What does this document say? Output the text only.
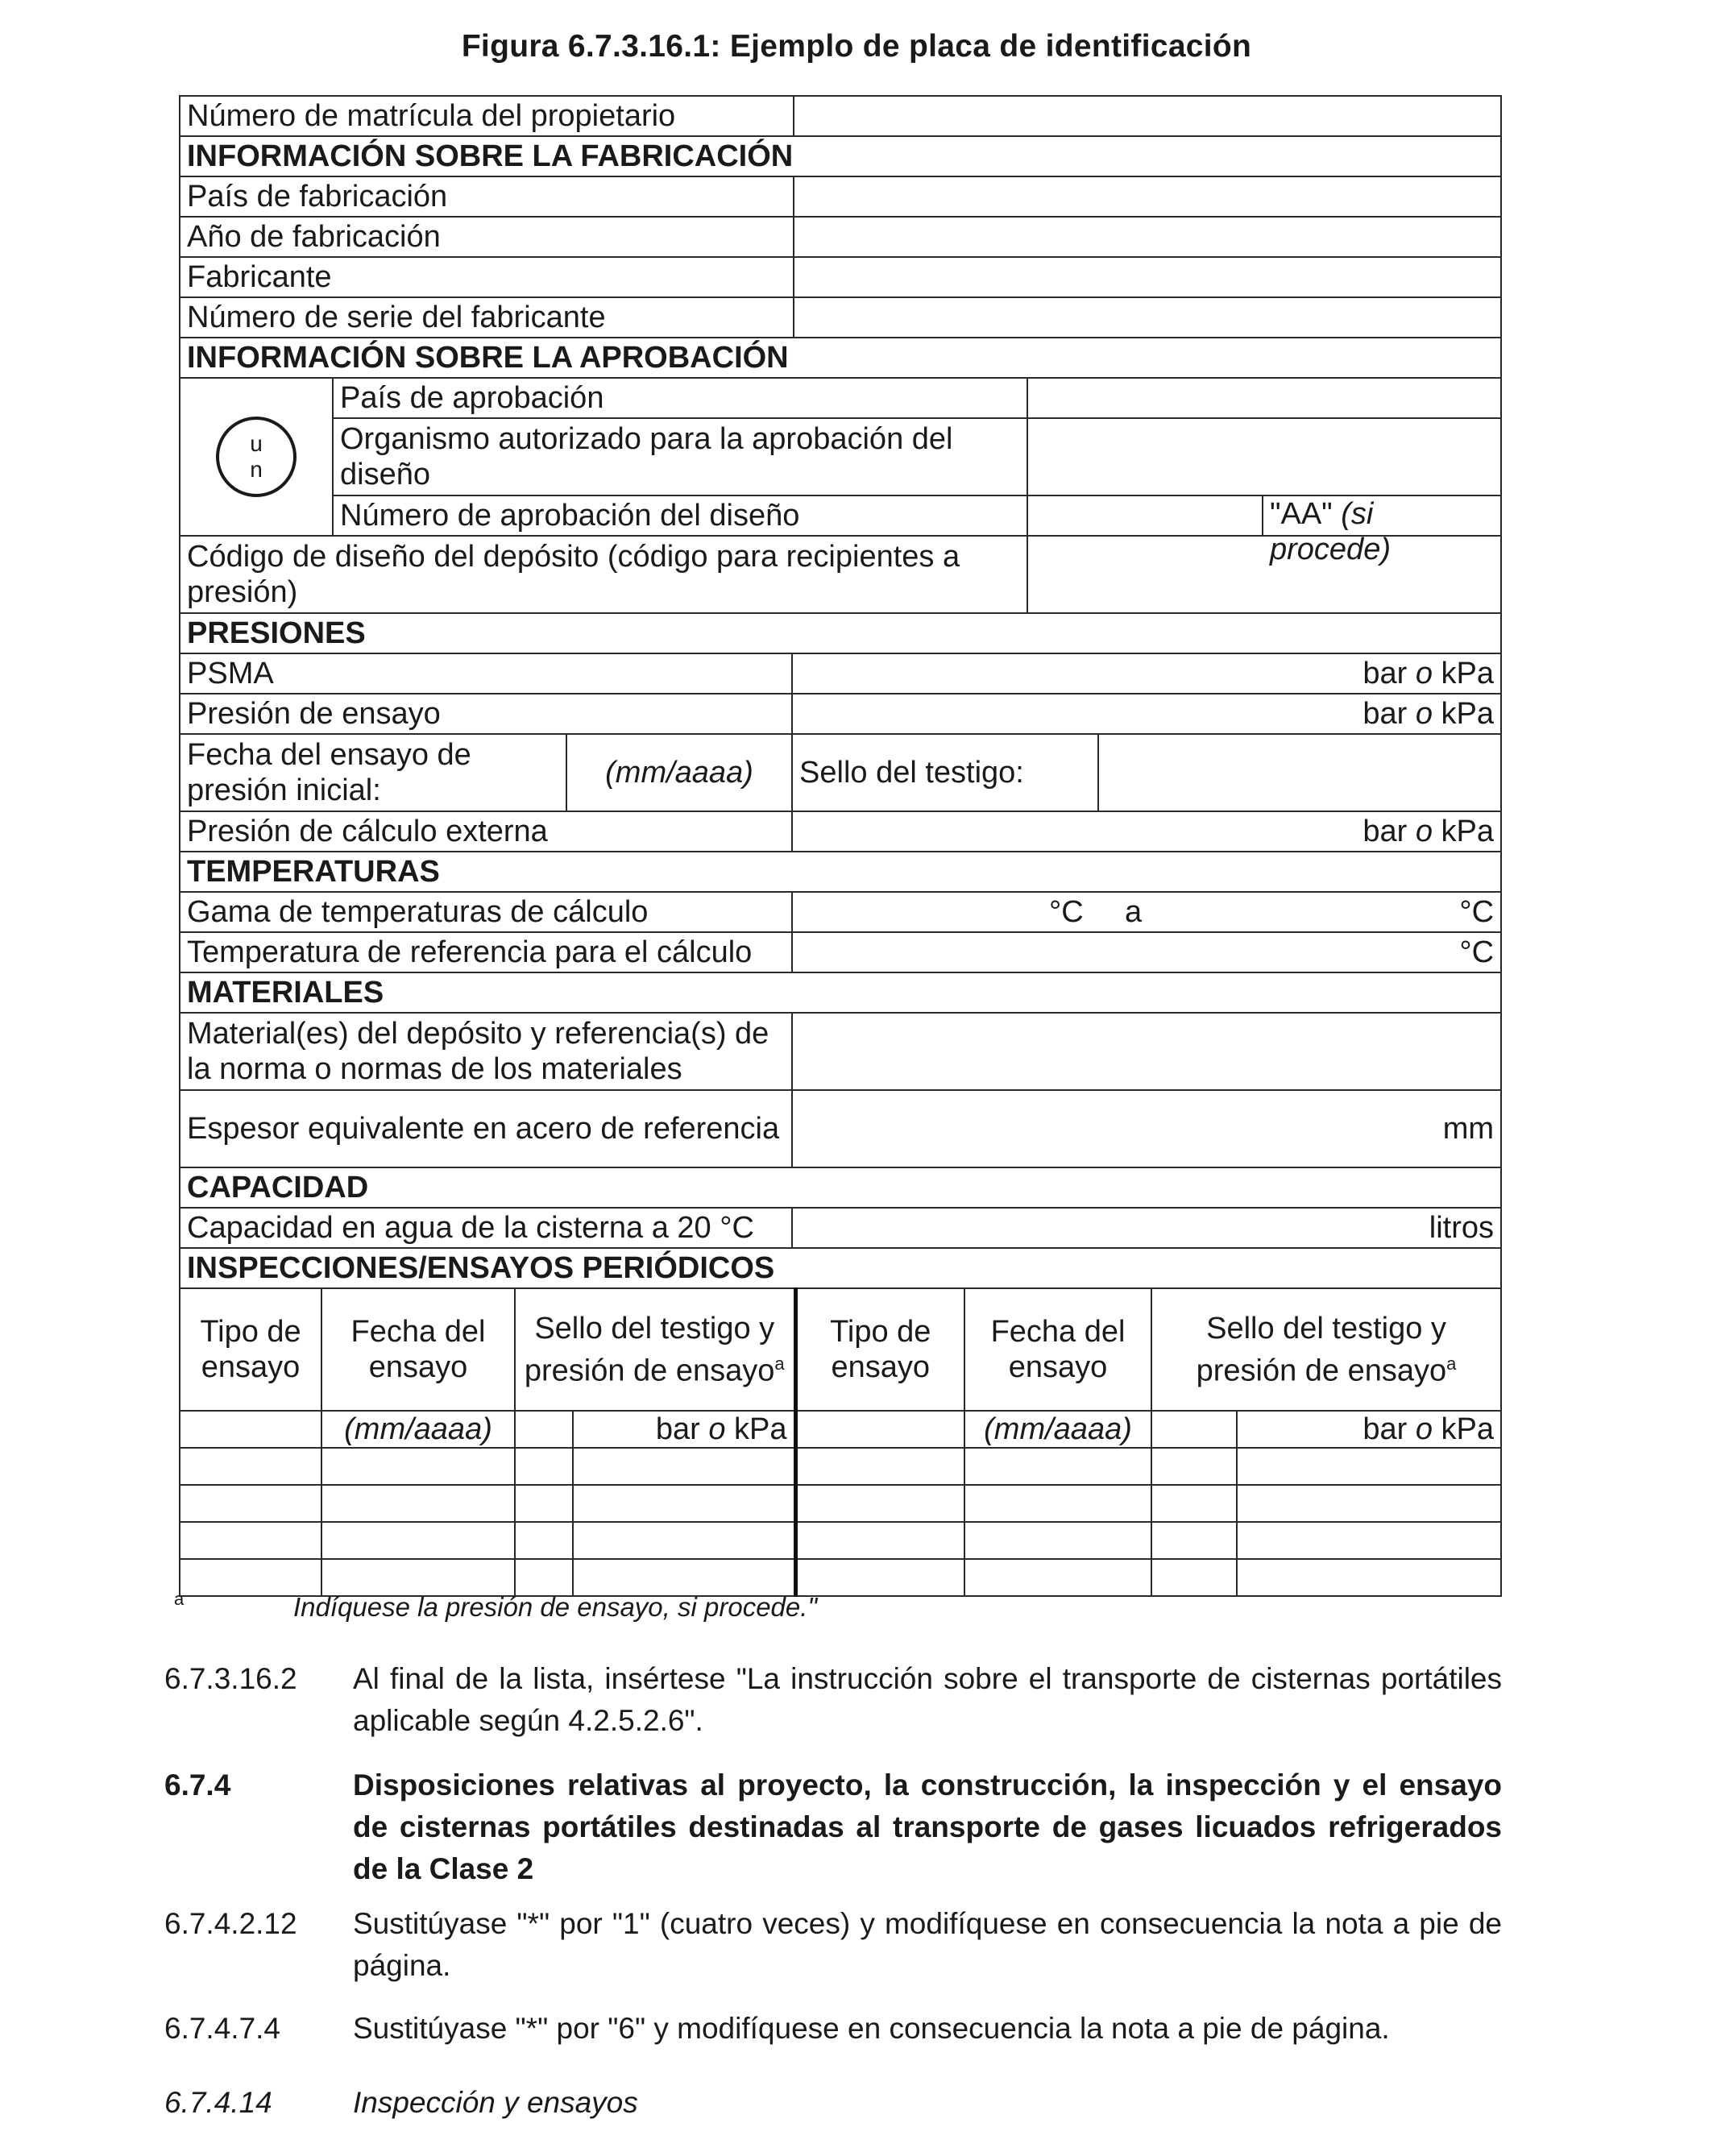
Figura 6.7.3.16.1: Ejemplo de placa de identificación
Número de matrícula del propietario			
INFORMACIÓN SOBRE LA FABRICACIÓN			
País de fabricación			
Año de fabricación			
Fabricante			
Número de serie del fabricante			
INFORMACIÓN SOBRE LA APROBACIÓN			

u
n	País de aprobación		
	Organismo autorizado para la aprobación del diseño		
	Número de aprobación del diseño		"AA" (si procede)

Código de diseño del depósito (código para recipientes a presión)			
PRESIONES			
PSMA		bar o kPa	
Presión de ensayo		bar o kPa	
Fecha del ensayo de presión inicial:	(mm/aaaa)	Sello del testigo:	
Presión de cálculo externa		bar o kPa	
TEMPERATURAS			
Gama de temperaturas de cálculo		°C a °C	

Temperatura de referencia para el cálculo		°C	
MATERIALES			
Material(es) del depósito y referencia(s) de la norma o normas de los materiales			
Espesor equivalente en acero de referencia		mm	
CAPACIDAD			
Capacidad en agua de la cisterna a 20 °C		litros	
INSPECCIONES/ENSAYOS PERIÓDICOS			
Tipo de ensayo	Fecha del ensayo	Sello del testigo y presión de ensayo$^a$		Tipo de ensayo	Fecha del ensayo	Sello del testigo y presión de ensayo$^a$
	(mm/aaaa)		bar o kPa		(mm/aaaa)		bar o kPa

a	Indíquese la presión de ensayo, si procede."
6.7.3.16.2 Al final de la lista, insértese "La instrucción sobre el transporte de cisternas portátiles aplicable según 4.2.5.2.6".
6.7.4	Disposiciones relativas al proyecto, la construcción, la inspección y el ensayo de cisternas portátiles destinadas al transporte de gases licuados refrigerados de la Clase 2
6.7.4.2.12 Sustitúyase "*" por "1" (cuatro veces) y modifíquese en consecuencia la nota a pie de página.
6.7.4.7.4 Sustitúyase "*" por "6" y modifíquese en consecuencia la nota a pie de página.
6.7.4.14	Inspección y ensayos
